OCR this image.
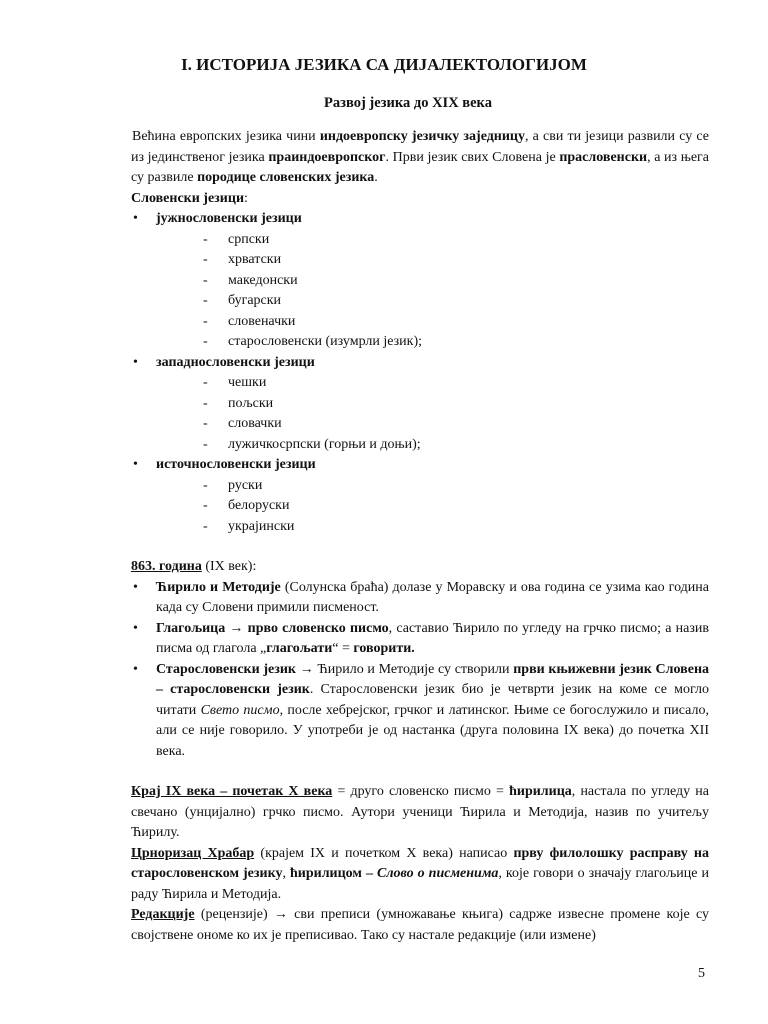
I. ИСТОРИЈА ЈЕЗИКА СА ДИЈАЛЕКТОЛОГИЈОМ
Развој језика до XIX века

Већина европских језика чини индоевропску језичку заједницу, а сви ти језици развили су се из јединственог језика праиндоевропског. Први језик свих Словена је прасловенски, а из њега су развиле породице словенских језика.

Словенски језици:

• јужнословенски језици
- српски
- хрватски
- македонски
- бугарски
- словеначки
- старословенски (изумрли језик);
• западнословенски језици
- чешки
- пољски
- словачки
- лужичкосрпски (горњи и доњи);
• источнословенски језици
- руски
- белоруски
- украјински

863. година (IX век):

• Ћирило и Методије (Солунска браћа) долазе у Моравску и ова година се узима као година када су Словени примили писменост.
• Глагољица → прво словенско писмо, саставио Ћирило по угледу на грчко писмо; а назив писма од глагола „глагољати“ = говорити.
• Старословенски језик → Ћирило и Методије су створили први књижевни језик Словена – старословенски језик. Старословенски језик био је четврти језик на коме се могло читати Свето писмо, после хебрејског, грчког и латинског. Њиме се богослужило и писало, али се није говорило. У употреби је од настанка (друга половина IX века) до почетка XII века.

Крај IX века – почетак X века = друго словенско писмо = ћирилица, настала по угледу на свечано (унцијално) грчко писмо. Аутори ученици Ћирила и Методија, назив по учитељу Ћирилу.

Црноризац Храбар (крајем IX и почетком X века) написао прву филолошку расправу на старословенском језику, ћирилицом – Слово о писменима, које говори о значају глагољице и раду Ћирила и Методија.

Редакције (рецензије) → сви преписи (умножавање књига) садрже извесне промене које су својствене ономе ко их је преписивао. Тако су настале редакције (или измене)

5
